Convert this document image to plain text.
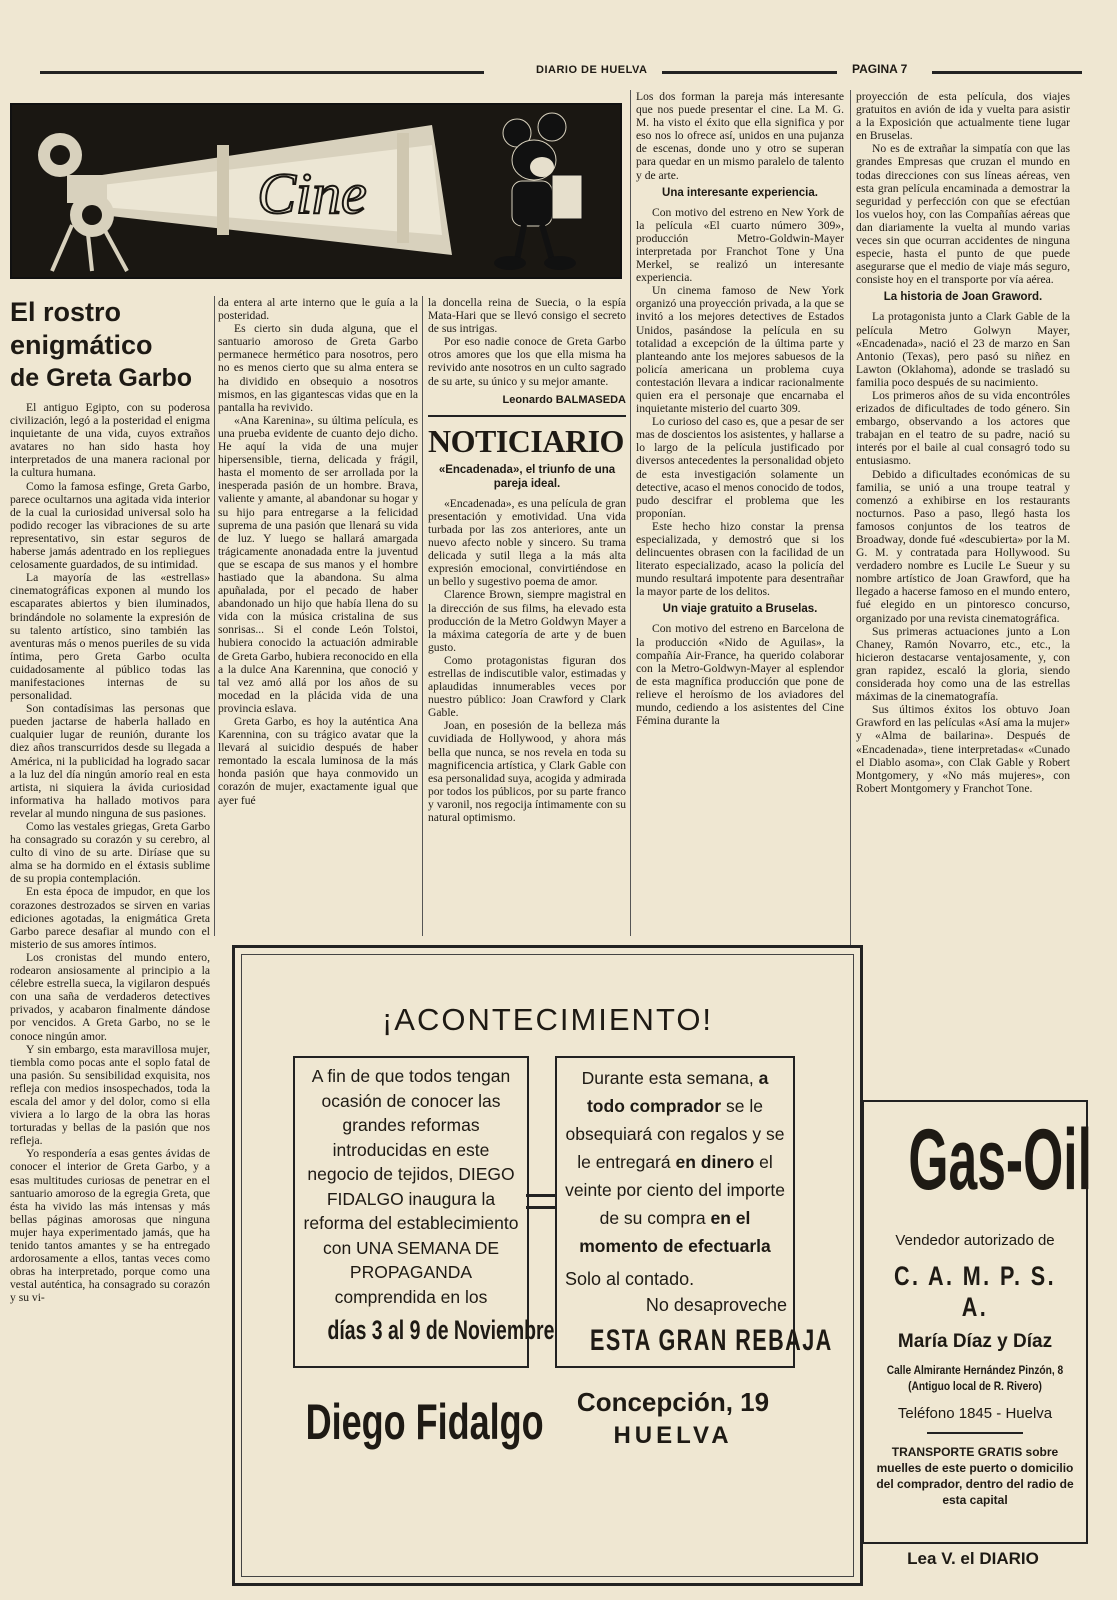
DIARIO DE HUELVA	PAGINA 7
Cine
El rostro
enigmático
de Greta Garbo

El antiguo Egipto, con su poderosa civilización, legó a la posteridad el enigma inquietante de una vida, cuyos extraños avatares no han sido hasta hoy interpretados de una manera racional por la cultura humana.

Como la famosa esfinge, Greta Garbo, parece ocultarnos una agitada vida interior de la cual la curiosidad universal solo ha podido recoger las vibraciones de su arte representativo, sin estar seguros de haberse jamás adentrado en los repliegues celosamente guardados, de su intimidad.

La mayoría de las «estrellas» cinematográficas exponen al mundo los escaparates abiertos y bien iluminados, brindándole no solamente la expresión de su talento artístico, sino también las aventuras más o menos pueriles de su vida íntima, pero Greta Garbo oculta cuidadosamente al público todas las manifestaciones internas de su personalidad.

Son contadísimas las personas que pueden jactarse de haberla hallado en cualquier lugar de reunión, durante los diez años transcurridos desde su llegada a América, ni la publicidad ha logrado sacar a la luz del día ningún amorío real en esta artista, ni siquiera la ávida curiosidad informativa ha hallado motivos para revelar al mundo ninguna de sus pasiones.

Como las vestales griegas, Greta Garbo ha consagrado su corazón y su cerebro, al culto di vino de su arte. Diríase que su alma se ha dormido en el éxtasis sublime de su propia contemplación.

En esta época de impudor, en que los corazones destrozados se sirven en varias ediciones agotadas, la enigmática Greta Garbo parece desafiar al mundo con el misterio de sus amores íntimos.

Los cronistas del mundo entero, rodearon ansiosamente al principio a la célebre estrella sueca, la vigilaron después con una saña de verdaderos detectives privados, y acabaron finalmente dándose por vencidos. A Greta Garbo, no se le conoce ningún amor.

Y sin embargo, esta maravillosa mujer, tiembla como pocas ante el soplo fatal de una pasión. Su sensibilidad exquisita, nos refleja con medios insospechados, toda la escala del amor y del dolor, como si ella viviera a lo largo de la obra las horas torturadas y bellas de la pasión que nos refleja.

Yo respondería a esas gentes ávidas de conocer el interior de Greta Garbo, y a esas multitudes curiosas de penetrar en el santuario amoroso de la egregia Greta, que ésta ha vivido las más intensas y más bellas páginas amorosas que ninguna mujer haya experimentado jamás, que ha tenido tantos amantes y se ha entregado ardorosamente a ellos, tantas veces como obras ha interpretado, porque como una vestal auténtica, ha consagrado su corazón y su vi-

da entera al arte interno que le guía a la posteridad.

Es cierto sin duda alguna, que el santuario amoroso de Greta Garbo permanece hermético para nosotros, pero no es menos cierto que su alma entera se ha dividido en obsequio a nosotros mismos, en las gigantescas vidas que en la pantalla ha revivido.

«Ana Karenina», su última película, es una prueba evidente de cuanto dejo dicho. He aquí la vida de una mujer hipersensible, tierna, delicada y frágil, hasta el momento de ser arrollada por la inesperada pasión de un hombre. Brava, valiente y amante, al abandonar su hogar y su hijo para entregarse a la felicidad suprema de una pasión que llenará su vida de luz. Y luego se hallará amargada trágicamente anonadada entre la juventud que se escapa de sus manos y el hombre hastiado que la abandona. Su alma apuñalada, por el pecado de haber abandonado un hijo que había llena do su vida con la música cristalina de sus sonrisas... Si el conde León Tolstoi, hubiera conocido la actuación admirable de Greta Garbo, hubiera reconocido en ella a la dulce Ana Karennina, que conoció y tal vez amó allá por los años de su mocedad en la plácida vida de una provincia eslava.

Greta Garbo, es hoy la auténtica Ana Karennina, con su trágico avatar que la llevará al suicidio después de haber remontado la escala luminosa de la más honda pasión que haya conmovido un corazón de mujer, exactamente igual que ayer fué

la doncella reina de Suecia, o la espía Mata-Hari que se llevó consigo el secreto de sus intrigas.

Por eso nadie conoce de Greta Garbo otros amores que los que ella misma ha revivido ante nosotros en un culto sagrado de su arte, su único y su mejor amante.

Leonardo BALMASEDA
NOTICIARIO
«Encadenada», el triunfo de una pareja ideal.

«Encadenada», es una película de gran presentación y emotividad. Una vida turbada por las zos anteriores, ante un nuevo afecto noble y sincero. Su trama delicada y sutil llega a la más alta expresión emocional, convirtiéndose en un bello y sugestivo poema de amor.

Clarence Brown, siempre magistral en la dirección de sus films, ha elevado esta producción de la Metro Goldwyn Mayer a la máxima categoría de arte y de buen gusto.

Como protagonistas figuran dos estrellas de indiscutible valor, estimadas y aplaudidas innumerables veces por nuestro público: Joan Crawford y Clark Gable.

Joan, en posesión de la belleza más cuvidiada de Hollywood, y ahora más bella que nunca, se nos revela en toda su magnificencia artística, y Clark Gable con esa personalidad suya, acogida y admirada por todos los públicos, por su parte franco y varonil, nos regocija íntimamente con su natural optimismo.

Los dos forman la pareja más interesante que nos puede presentar el cine. La M. G. M. ha visto el éxito que ella significa y por eso nos lo ofrece así, unidos en una pujanza de escenas, donde uno y otro se superan para quedar en un mismo paralelo de talento y de arte.

Una interesante experiencia.

Con motivo del estreno en New York de la película «El cuarto número 309», producción Metro-Goldwin-Mayer interpretada por Franchot Tone y Una Merkel, se realizó un interesante experiencia.

Un cinema famoso de New York organizó una proyección privada, a la que se invitó a los mejores detectives de Estados Unidos, pasándose la película en su totalidad a excepción de la última parte y planteando ante los mejores sabuesos de la policía americana un problema cuya contestación llevara a indicar racionalmente quien era el personaje que encarnaba el inquietante misterio del cuarto 309.

Lo curioso del caso es, que a pesar de ser mas de doscientos los asistentes, y hallarse a lo largo de la película justificado por diversos antecedentes la personalidad objeto de esta investigación solamente un detective, acaso el menos conocido de todos, pudo descifrar el problema que les proponían.

Este hecho hizo constar la prensa especializada, y demostró que si los delincuentes obrasen con la facilidad de un literato especializado, acaso la policía del mundo resultará impotente para desentrañar la mayor parte de los delitos.

Un viaje gratuito a Bruselas.

Con motivo del estreno en Barcelona de la producción «Nido de Aguilas», la compañía Air-France, ha querido colaborar con la Metro-Goldwyn-Mayer al esplendor de esta magnífica producción que pone de relieve el heroísmo de los aviadores del mundo, cediendo a los asistentes del Cine Fémina durante la

proyección de esta película, dos viajes gratuitos en avión de ida y vuelta para asistir a la Exposición que actualmente tiene lugar en Bruselas.

No es de extrañar la simpatía con que las grandes Empresas que cruzan el mundo en todas direcciones con sus líneas aéreas, ven esta gran película encaminada a demostrar la seguridad y perfección con que se efectúan los vuelos hoy, con las Compañías aéreas que dan diariamente la vuelta al mundo varias veces sin que ocurran accidentes de ninguna especie, hasta el punto de que puede asegurarse que el medio de viaje más seguro, consiste hoy en el transporte por vía aérea.

La historia de Joan Graword.

La protagonista junto a Clark Gable de la película Metro Golwyn Mayer, «Encadenada», nació el 23 de marzo en San Antonio (Texas), pero pasó su niñez en Lawton (Oklahoma), adonde se trasladó su familia poco después de su nacimiento.

Los primeros años de su vida encontróles erizados de dificultades de todo género. Sin embargo, observando a los actores que trabajan en el teatro de su padre, nació su interés por el baile al cual consagró todo su entusiasmo.

Debido a dificultades económicas de su familia, se unió a una troupe teatral y comenzó a exhibirse en los restaurants nocturnos. Paso a paso, llegó hasta los famosos conjuntos de los teatros de Broadway, donde fué «descubierta» por la M. G. M. y contratada para Hollywood. Su verdadero nombre es Lucile Le Sueur y su nombre artístico de Joan Grawford, que ha llegado a hacerse famoso en el mundo entero, fué elegido en un pintoresco concurso, organizado por una revista cinematográfica.

Sus primeras actuaciones junto a Lon Chaney, Ramón Novarro, etc., etc., la hicieron destacarse ventajosamente, y, con gran rapidez, escaló la gloria, siendo considerada hoy como una de las estrellas máximas de la cinematografía.

Sus últimos éxitos los obtuvo Joan Grawford en las películas «Así ama la mujer» y «Alma de bailarina». Después de «Encadenada», tiene interpretadas« «Cunado el Diablo asoma», con Clak Gable y Robert Montgomery, y «No más mujeres», con Robert Montgomery y Franchot Tone.

¡ACONTECIMIENTO!
A fin de que todos tengan ocasión de conocer las grandes reformas introducidas en este negocio de tejidos, DIEGO FIDALGO inaugura la reforma del establecimiento con UNA SEMANA DE PROPAGANDA comprendida en los
días 3 al 9 de Noviembre
Durante esta semana, a todo comprador se le obsequiará con regalos y se le entregará en dinero el veinte por ciento del importe de su compra en el momento de efectuarla
Solo al contado.
No desaproveche
ESTA GRAN REBAJA
Diego Fidalgo	Concepción, 19
HUELVA
Gas-Oil
Vendedor autorizado de
C. A. M. P. S. A.
María Díaz y Díaz
Calle Almirante Hernández Pinzón, 8
(Antiguo local de R. Rivero)
Teléfono 1845 - Huelva
TRANSPORTE GRATIS sobre muelles de este puerto o domicilio del comprador, dentro del radio de esta capital
Lea V. el DIARIO
